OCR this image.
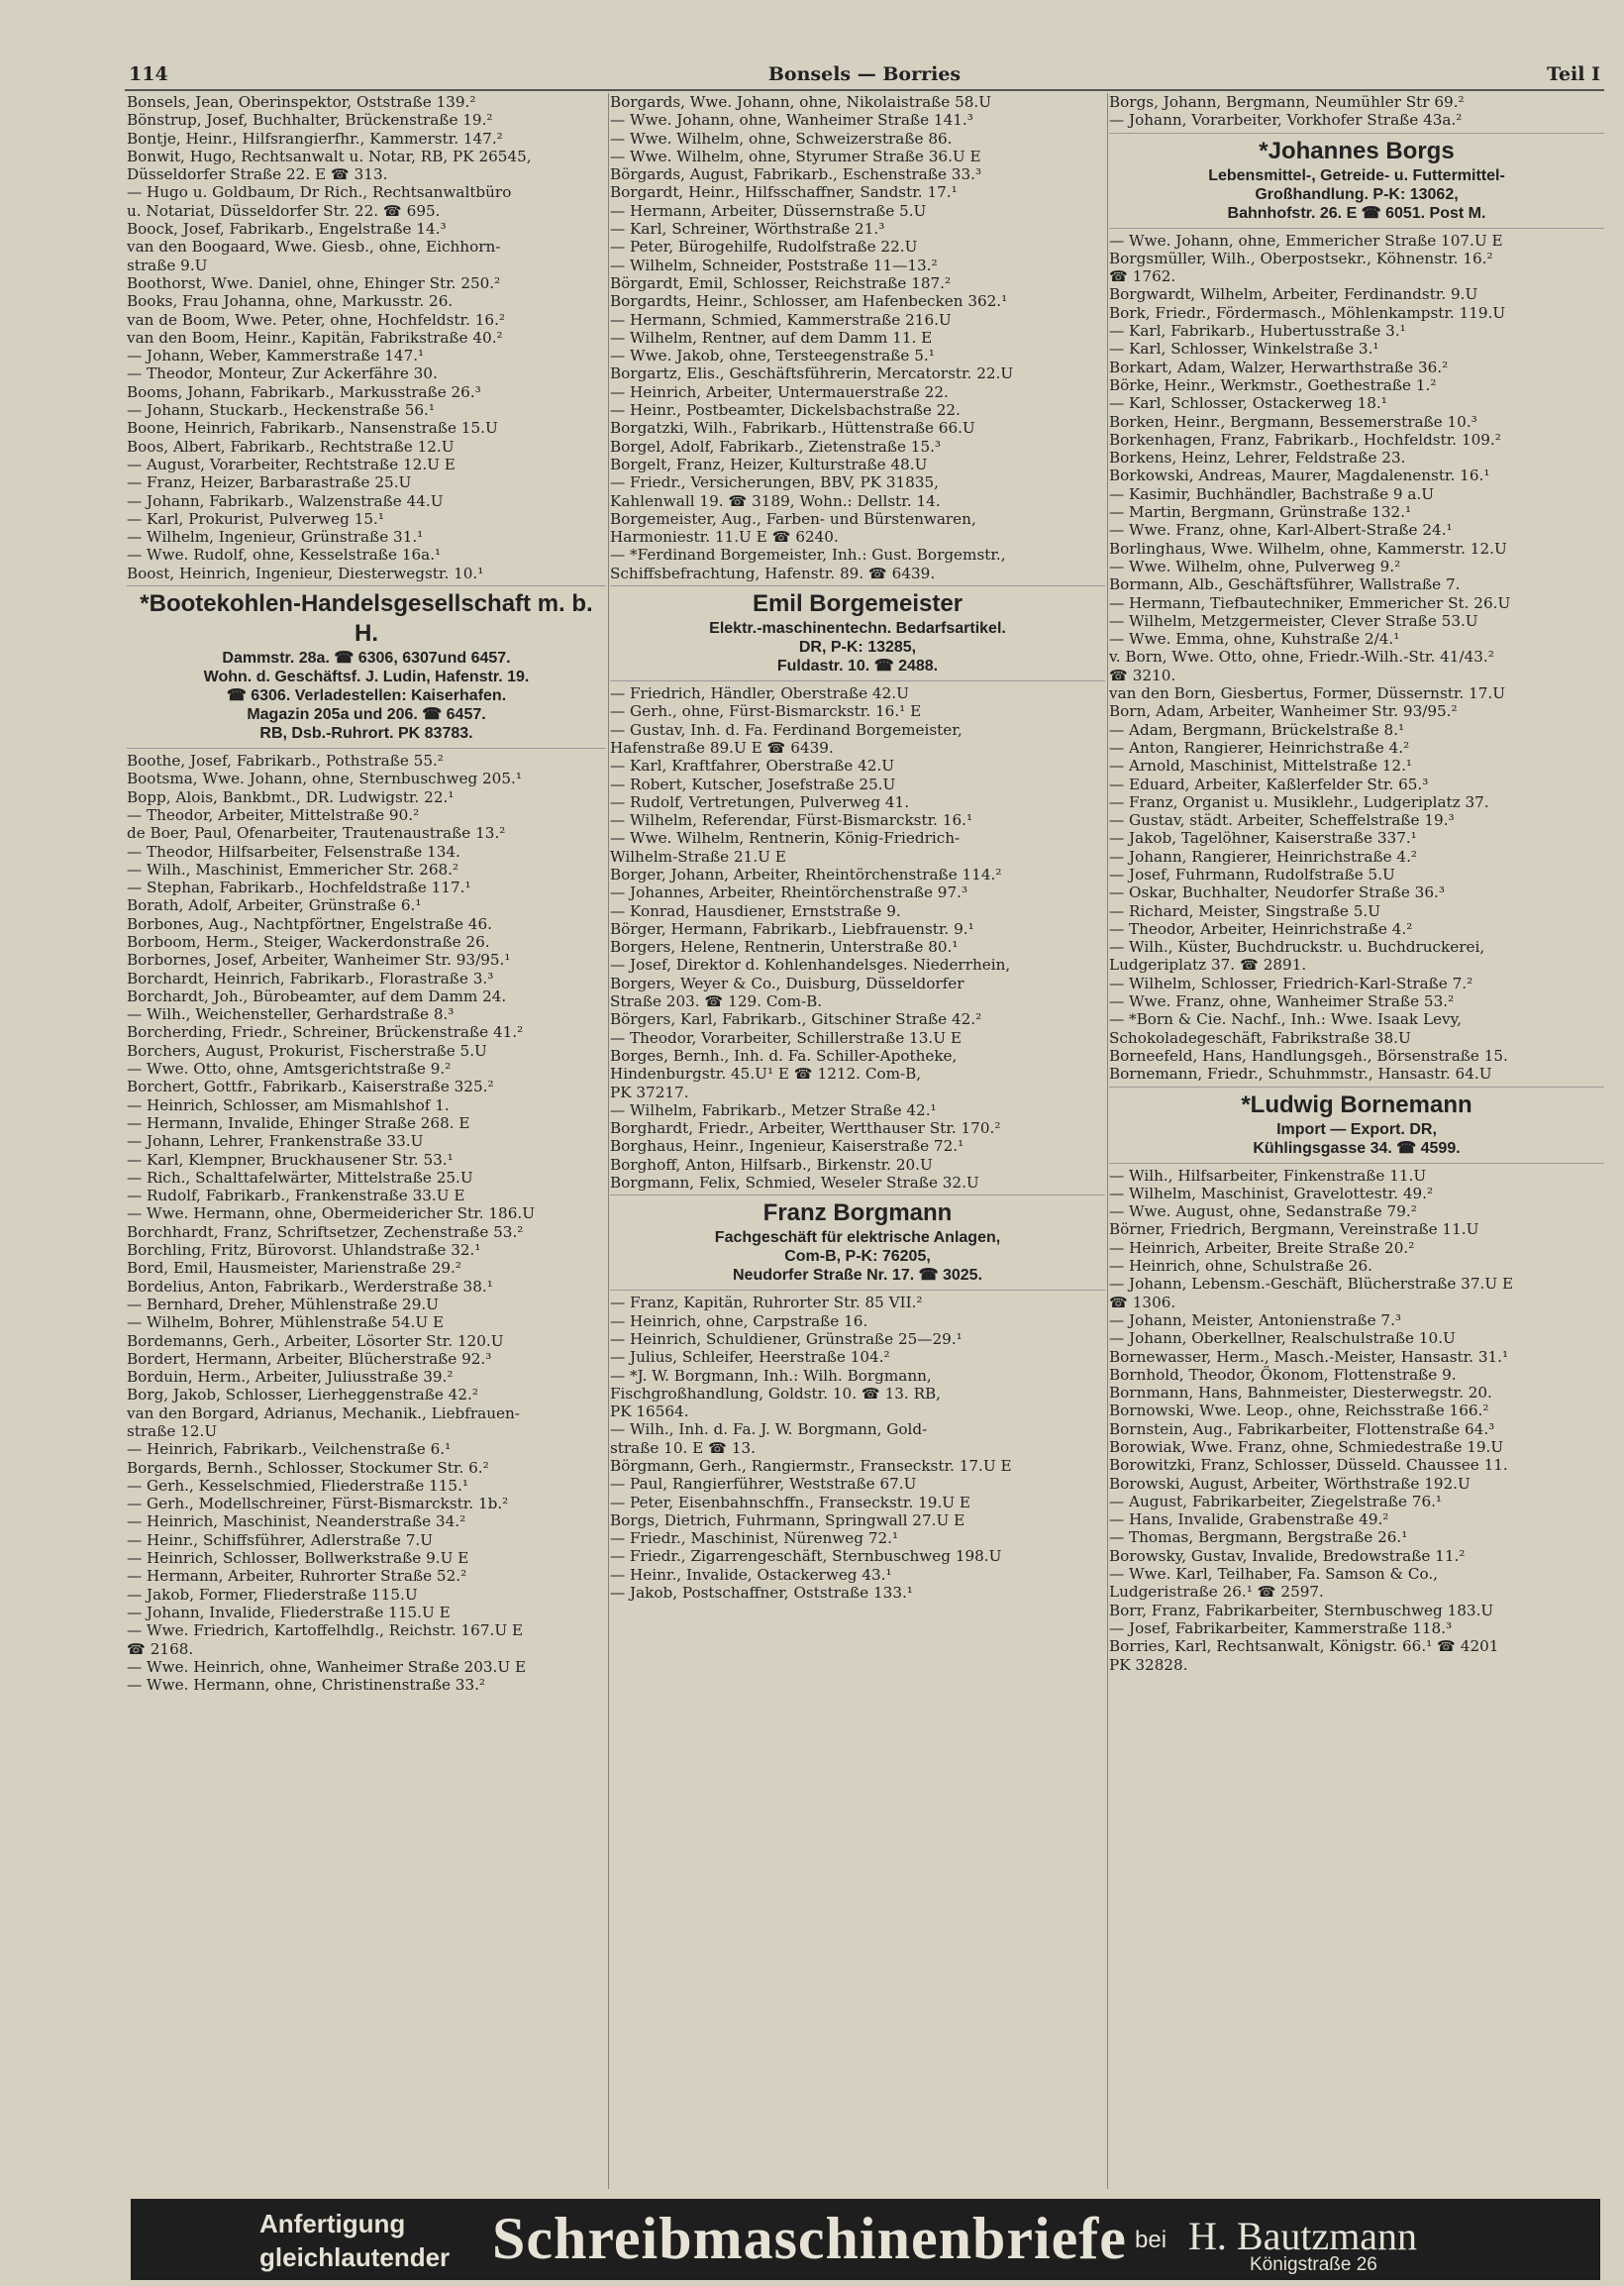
114	Bonsels — Borries	Teil I
Bonsels, Jean, Oberinspektor, Oststraße 139.²
Bönstrup, Josef, Buchhalter, Brückenstraße 19.²
Bontje, Heinr., Hilfsrangierfhr., Kammerstr. 147.²
Bonwit, Hugo, Rechtsanwalt u. Notar, RB, PK 26545,
Düsseldorfer Straße 22. E ☎ 313.
— Hugo u. Goldbaum, Dr Rich., Rechtsanwaltbüro
u. Notariat, Düsseldorfer Str. 22. ☎ 695.
Boock, Josef, Fabrikarb., Engelstraße 14.³
van den Boogaard, Wwe. Giesb., ohne, Eichhorn-
straße 9.U
Boothorst, Wwe. Daniel, ohne, Ehinger Str. 250.²
Books, Frau Johanna, ohne, Markusstr. 26.
van de Boom, Wwe. Peter, ohne, Hochfeldstr. 16.²
van den Boom, Heinr., Kapitän, Fabrikstraße 40.²
— Johann, Weber, Kammerstraße 147.¹
— Theodor, Monteur, Zur Ackerfähre 30.
Booms, Johann, Fabrikarb., Markusstraße 26.³
— Johann, Stuckarb., Heckenstraße 56.¹
Boone, Heinrich, Fabrikarb., Nansenstraße 15.U
Boos, Albert, Fabrikarb., Rechtstraße 12.U
— August, Vorarbeiter, Rechtstraße 12.U E
— Franz, Heizer, Barbarastraße 25.U
— Johann, Fabrikarb., Walzenstraße 44.U
— Karl, Prokurist, Pulverweg 15.¹
— Wilhelm, Ingenieur, Grünstraße 31.¹
— Wwe. Rudolf, ohne, Kesselstraße 16a.¹
Boost, Heinrich, Ingenieur, Diesterwegstr. 10.¹
*Bootekohlen-Handelsgesellschaft m. b. H.
Dammstr. 28a. ☎ 6306, 6307und 6457.
Wohn. d. Geschäftsf. J. Ludin, Hafenstr. 19.
☎ 6306. Verladestellen: Kaiserhafen.
Magazin 205a und 206. ☎ 6457.
RB, Dsb.-Ruhrort. PK 83783.
Boothe, Josef, Fabrikarb., Pothstraße 55.²
Bootsma, Wwe. Johann, ohne, Sternbuschweg 205.¹
Bopp, Alois, Bankbmt., DR. Ludwigstr. 22.¹
— Theodor, Arbeiter, Mittelstraße 90.²
de Boer, Paul, Ofenarbeiter, Trautenaustraße 13.²
— Theodor, Hilfsarbeiter, Felsenstraße 134.
— Wilh., Maschinist, Emmericher Str. 268.²
— Stephan, Fabrikarb., Hochfeldstraße 117.¹
Borath, Adolf, Arbeiter, Grünstraße 6.¹
Borbones, Aug., Nachtpförtner, Engelstraße 46.
Borboom, Herm., Steiger, Wackerdonstraße 26.
Borbornes, Josef, Arbeiter, Wanheimer Str. 93/95.¹
Borchardt, Heinrich, Fabrikarb., Florastraße 3.³
Borchardt, Joh., Bürobeamter, auf dem Damm 24.
— Wilh., Weichensteller, Gerhardstraße 8.³
Borcherding, Friedr., Schreiner, Brückenstraße 41.²
Borchers, August, Prokurist, Fischerstraße 5.U
— Wwe. Otto, ohne, Amtsgerichtstraße 9.²
Borchert, Gottfr., Fabrikarb., Kaiserstraße 325.²
— Heinrich, Schlosser, am Mismahlshof 1.
— Hermann, Invalide, Ehinger Straße 268. E
— Johann, Lehrer, Frankenstraße 33.U
— Karl, Klempner, Bruckhausener Str. 53.¹
— Rich., Schalttafelwärter, Mittelstraße 25.U
— Rudolf, Fabrikarb., Frankenstraße 33.U E
— Wwe. Hermann, ohne, Obermeidericher Str. 186.U
Borchhardt, Franz, Schriftsetzer, Zechenstraße 53.²
Borchling, Fritz, Bürovorst. Uhlandstraße 32.¹
Bord, Emil, Hausmeister, Marienstraße 29.²
Bordelius, Anton, Fabrikarb., Werderstraße 38.¹
— Bernhard, Dreher, Mühlenstraße 29.U
— Wilhelm, Bohrer, Mühlenstraße 54.U E
Bordemanns, Gerh., Arbeiter, Lösorter Str. 120.U
Bordert, Hermann, Arbeiter, Blücherstraße 92.³
Borduin, Herm., Arbeiter, Juliusstraße 39.²
Borg, Jakob, Schlosser, Lierheggenstraße 42.²
van den Borgard, Adrianus, Mechanik., Liebfrauen-
straße 12.U
— Heinrich, Fabrikarb., Veilchenstraße 6.¹
Borgards, Bernh., Schlosser, Stockumer Str. 6.²
— Gerh., Kesselschmied, Fliederstraße 115.¹
— Gerh., Modellschreiner, Fürst-Bismarckstr. 1b.²
— Heinrich, Maschinist, Neanderstraße 34.²
— Heinr., Schiffsführer, Adlerstraße 7.U
— Heinrich, Schlosser, Bollwerkstraße 9.U E
— Hermann, Arbeiter, Ruhrorter Straße 52.²
— Jakob, Former, Fliederstraße 115.U
— Johann, Invalide, Fliederstraße 115.U E
— Wwe. Friedrich, Kartoffelhdlg., Reichstr. 167.U E
☎ 2168.
— Wwe. Heinrich, ohne, Wanheimer Straße 203.U E
— Wwe. Hermann, ohne, Christinenstraße 33.²
Borgards, Wwe. Johann, ohne, Nikolaistraße 58.U
— Wwe. Johann, ohne, Wanheimer Straße 141.³
— Wwe. Wilhelm, ohne, Schweizerstraße 86.
— Wwe. Wilhelm, ohne, Styrumer Straße 36.U E
Börgards, August, Fabrikarb., Eschenstraße 33.³
Borgardt, Heinr., Hilfsschaffner, Sandstr. 17.¹
— Hermann, Arbeiter, Düssernstraße 5.U
— Karl, Schreiner, Wörthstraße 21.³
— Peter, Bürogehilfe, Rudolfstraße 22.U
— Wilhelm, Schneider, Poststraße 11—13.²
Börgardt, Emil, Schlosser, Reichstraße 187.²
Borgardts, Heinr., Schlosser, am Hafenbecken 362.¹
— Hermann, Schmied, Kammerstraße 216.U
— Wilhelm, Rentner, auf dem Damm 11. E
— Wwe. Jakob, ohne, Tersteegenstraße 5.¹
Borgartz, Elis., Geschäftsführerin, Mercatorstr. 22.U
— Heinrich, Arbeiter, Untermauerstraße 22.
— Heinr., Postbeamter, Dickelsbachstraße 22.
Borgatzki, Wilh., Fabrikarb., Hüttenstraße 66.U
Borgel, Adolf, Fabrikarb., Zietenstraße 15.³
Borgelt, Franz, Heizer, Kulturstraße 48.U
— Friedr., Versicherungen, BBV, PK 31835,
Kahlenwall 19. ☎ 3189, Wohn.: Dellstr. 14.
Borgemeister, Aug., Farben- und Bürstenwaren,
Harmoniestr. 11.U E ☎ 6240.
— *Ferdinand Borgemeister, Inh.: Gust. Borgemstr.,
Schiffsbefrachtung, Hafenstr. 89. ☎ 6439.
Emil Borgemeister
Elektr.-maschinentechn. Bedarfsartikel.
DR, P-K: 13285,
Fuldastr. 10. ☎ 2488.
— Friedrich, Händler, Oberstraße 42.U
— Gerh., ohne, Fürst-Bismarckstr. 16.¹ E
— Gustav, Inh. d. Fa. Ferdinand Borgemeister,
Hafenstraße 89.U E ☎ 6439.
— Karl, Kraftfahrer, Oberstraße 42.U
— Robert, Kutscher, Josefstraße 25.U
— Rudolf, Vertretungen, Pulverweg 41.
— Wilhelm, Referendar, Fürst-Bismarckstr. 16.¹
— Wwe. Wilhelm, Rentnerin, König-Friedrich-
Wilhelm-Straße 21.U E
Borger, Johann, Arbeiter, Rheintörchenstraße 114.²
— Johannes, Arbeiter, Rheintörchenstraße 97.³
— Konrad, Hausdiener, Ernststraße 9.
Börger, Hermann, Fabrikarb., Liebfrauenstr. 9.¹
Borgers, Helene, Rentnerin, Unterstraße 80.¹
— Josef, Direktor d. Kohlenhandelsges. Niederrhein,
Borgers, Weyer & Co., Duisburg, Düsseldorfer
Straße 203. ☎ 129. Com-B.
Börgers, Karl, Fabrikarb., Gitschiner Straße 42.²
— Theodor, Vorarbeiter, Schillerstraße 13.U E
Borges, Bernh., Inh. d. Fa. Schiller-Apotheke,
Hindenburgstr. 45.U¹ E ☎ 1212. Com-B,
PK 37217.
— Wilhelm, Fabrikarb., Metzer Straße 42.¹
Borghardt, Friedr., Arbeiter, Wertthauser Str. 170.²
Borghaus, Heinr., Ingenieur, Kaiserstraße 72.¹
Borghoff, Anton, Hilfsarb., Birkenstr. 20.U
Borgmann, Felix, Schmied, Weseler Straße 32.U
Franz Borgmann
Fachgeschäft für elektrische Anlagen,
Com-B, P-K: 76205,
Neudorfer Straße Nr. 17. ☎ 3025.
— Franz, Kapitän, Ruhrorter Str. 85 VII.²
— Heinrich, ohne, Carpstraße 16.
— Heinrich, Schuldiener, Grünstraße 25—29.¹
— Julius, Schleifer, Heerstraße 104.²
— *J. W. Borgmann, Inh.: Wilh. Borgmann,
Fischgroßhandlung, Goldstr. 10. ☎ 13. RB,
PK 16564.
— Wilh., Inh. d. Fa. J. W. Borgmann, Gold-
straße 10. E ☎ 13.
Börgmann, Gerh., Rangiermstr., Franseckstr. 17.U E
— Paul, Rangierführer, Weststraße 67.U
— Peter, Eisenbahnschffn., Franseckstr. 19.U E
Borgs, Dietrich, Fuhrmann, Springwall 27.U E
— Friedr., Maschinist, Nürenweg 72.¹
— Friedr., Zigarrengeschäft, Sternbuschweg 198.U
— Heinr., Invalide, Ostackerweg 43.¹
— Jakob, Postschaffner, Oststraße 133.¹
Borgs, Johann, Bergmann, Neumühler Str 69.²
— Johann, Vorarbeiter, Vorkhofer Straße 43a.²
*Johannes Borgs
Lebensmittel-, Getreide- u. Futtermittel-
Großhandlung. P-K: 13062,
Bahnhofstr. 26. E ☎ 6051. Post M.
— Wwe. Johann, ohne, Emmericher Straße 107.U E
Borgsmüller, Wilh., Oberpostsekr., Köhnenstr. 16.²
☎ 1762.
Borgwardt, Wilhelm, Arbeiter, Ferdinandstr. 9.U
Bork, Friedr., Fördermasch., Möhlenkampstr. 119.U
— Karl, Fabrikarb., Hubertusstraße 3.¹
— Karl, Schlosser, Winkelstraße 3.¹
Borkart, Adam, Walzer, Herwarthstraße 36.²
Börke, Heinr., Werkmstr., Goethestraße 1.²
— Karl, Schlosser, Ostackerweg 18.¹
Borken, Heinr., Bergmann, Bessemerstraße 10.³
Borkenhagen, Franz, Fabrikarb., Hochfeldstr. 109.²
Borkens, Heinz, Lehrer, Feldstraße 23.
Borkowski, Andreas, Maurer, Magdalenenstr. 16.¹
— Kasimir, Buchhändler, Bachstraße 9 a.U
— Martin, Bergmann, Grünstraße 132.¹
— Wwe. Franz, ohne, Karl-Albert-Straße 24.¹
Borlinghaus, Wwe. Wilhelm, ohne, Kammerstr. 12.U
— Wwe. Wilhelm, ohne, Pulverweg 9.²
Bormann, Alb., Geschäftsführer, Wallstraße 7.
— Hermann, Tiefbautechniker, Emmericher St. 26.U
— Wilhelm, Metzgermeister, Clever Straße 53.U
— Wwe. Emma, ohne, Kuhstraße 2/4.¹
v. Born, Wwe. Otto, ohne, Friedr.-Wilh.-Str. 41/43.²
☎ 3210.
van den Born, Giesbertus, Former, Düssernstr. 17.U
Born, Adam, Arbeiter, Wanheimer Str. 93/95.²
— Adam, Bergmann, Brückelstraße 8.¹
— Anton, Rangierer, Heinrichstraße 4.²
— Arnold, Maschinist, Mittelstraße 12.¹
— Eduard, Arbeiter, Kaßlerfelder Str. 65.³
— Franz, Organist u. Musiklehr., Ludgeriplatz 37.
— Gustav, städt. Arbeiter, Scheffelstraße 19.³
— Jakob, Tagelöhner, Kaiserstraße 337.¹
— Johann, Rangierer, Heinrichstraße 4.²
— Josef, Fuhrmann, Rudolfstraße 5.U
— Oskar, Buchhalter, Neudorfer Straße 36.³
— Richard, Meister, Singstraße 5.U
— Theodor, Arbeiter, Heinrichstraße 4.²
— Wilh., Küster, Buchdruckstr. u. Buchdruckerei,
Ludgeriplatz 37. ☎ 2891.
— Wilhelm, Schlosser, Friedrich-Karl-Straße 7.²
— Wwe. Franz, ohne, Wanheimer Straße 53.²
— *Born & Cie. Nachf., Inh.: Wwe. Isaak Levy,
Schokoladegeschäft, Fabrikstraße 38.U
Borneefeld, Hans, Handlungsgeh., Börsenstraße 15.
Bornemann, Friedr., Schuhmmstr., Hansastr. 64.U
*Ludwig Bornemann
Import — Export. DR,
Kühlingsgasse 34. ☎ 4599.
— Wilh., Hilfsarbeiter, Finkenstraße 11.U
— Wilhelm, Maschinist, Gravelottestr. 49.²
— Wwe. August, ohne, Sedanstraße 79.²
Börner, Friedrich, Bergmann, Vereinstraße 11.U
— Heinrich, Arbeiter, Breite Straße 20.²
— Heinrich, ohne, Schulstraße 26.
— Johann, Lebensm.-Geschäft, Blücherstraße 37.U E
☎ 1306.
— Johann, Meister, Antonienstraße 7.³
— Johann, Oberkellner, Realschulstraße 10.U
Bornewasser, Herm., Masch.-Meister, Hansastr. 31.¹
Bornhold, Theodor, Ökonom, Flottenstraße 9.
Bornmann, Hans, Bahnmeister, Diesterwegstr. 20.
Bornowski, Wwe. Leop., ohne, Reichsstraße 166.²
Bornstein, Aug., Fabrikarbeiter, Flottenstraße 64.³
Borowiak, Wwe. Franz, ohne, Schmiedestraße 19.U
Borowitzki, Franz, Schlosser, Düsseld. Chaussee 11.
Borowski, August, Arbeiter, Wörthstraße 192.U
— August, Fabrikarbeiter, Ziegelstraße 76.¹
— Hans, Invalide, Grabenstraße 49.²
— Thomas, Bergmann, Bergstraße 26.¹
Borowsky, Gustav, Invalide, Bredowstraße 11.²
— Wwe. Karl, Teilhaber, Fa. Samson & Co.,
Ludgeristraße 26.¹ ☎ 2597.
Borr, Franz, Fabrikarbeiter, Sternbuschweg 183.U
— Josef, Fabrikarbeiter, Kammerstraße 118.³
Borries, Karl, Rechtsanwalt, Königstr. 66.¹ ☎ 4201
PK 32828.
Anfertigung
gleichlautender Schreibmaschinenbriefe bei H. Bautzmann
Königstraße 26
